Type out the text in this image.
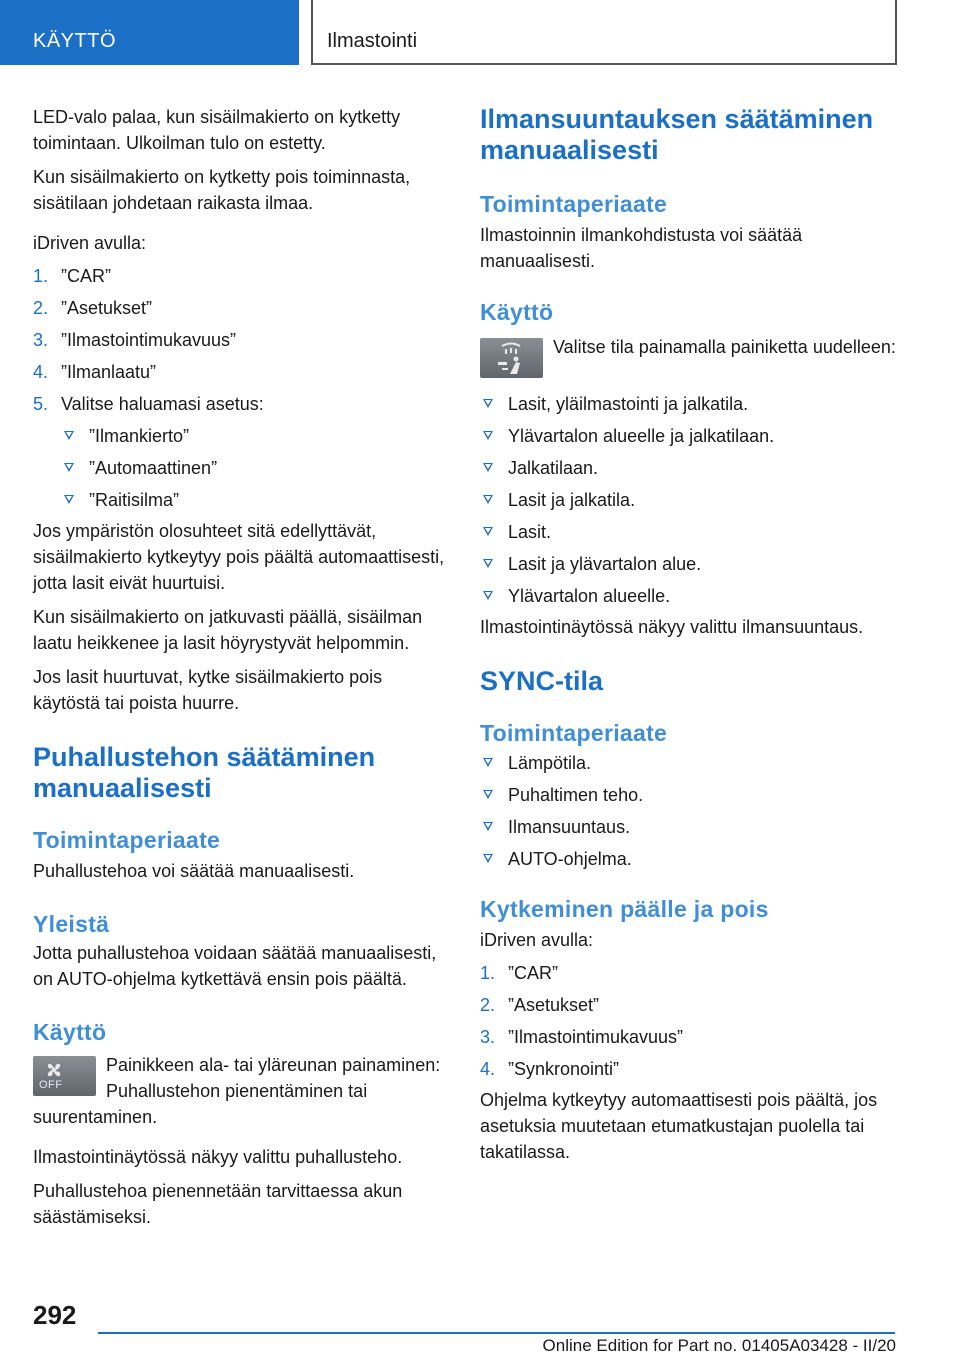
KÄYTTÖ	Ilmastointi

LED-valo palaa, kun sisäilmakierto on kytketty toimintaan. Ulkoilman tulo on estetty.

Kun sisäilmakierto on kytketty pois toiminnasta, sisätilaan johdetaan raikasta ilmaa.

iDriven avulla:

1. ”CAR”
2. ”Asetukset”
3. ”Ilmastointimukavuus”
4. ”Ilmanlaatu”
5. Valitse haluamasi asetus:
”Ilmankierto”
”Automaattinen”
”Raitisilma”

Jos ympäristön olosuhteet sitä edellyttävät, sisäilmakierto kytkeytyy pois päältä automaattisesti, jotta lasit eivät huurtuisi.

Kun sisäilmakierto on jatkuvasti päällä, sisäilman laatu heikkenee ja lasit höyrystyvät helpommin.

Jos lasit huurtuvat, kytke sisäilmakierto pois käytöstä tai poista huurre.

Puhallustehon säätäminen manuaalisesti
Toimintaperiaate

Puhallustehoa voi säätää manuaalisesti.

Yleistä

Jotta puhallustehoa voidaan säätää manuaalisesti, on AUTO-ohjelma kytkettävä ensin pois päältä.

Käyttö
OFF

Painikkeen ala- tai yläreunan painaminen: Puhallustehon pienentäminen tai suurentaminen.

Ilmastointinäytössä näkyy valittu puhallusteho.

Puhallustehoa pienennetään tarvittaessa akun säästämiseksi.

Ilmansuuntauksen säätäminen manuaalisesti
Toimintaperiaate

Ilmastoinnin ilmankohdistusta voi säätää manuaalisesti.

Käyttö

Valitse tila painamalla painiketta uudelleen:

Lasit, yläilmastointi ja jalkatila.
Ylävartalon alueelle ja jalkatilaan.
Jalkatilaan.
Lasit ja jalkatila.
Lasit.
Lasit ja ylävartalon alue.
Ylävartalon alueelle.

Ilmastointinäytössä näkyy valittu ilmansuuntaus.

SYNC-tila
Toimintaperiaate
Lämpötila.
Puhaltimen teho.
Ilmansuuntaus.
AUTO-ohjelma.
Kytkeminen päälle ja pois

iDriven avulla:

1. ”CAR”
2. ”Asetukset”
3. ”Ilmastointimukavuus”
4. ”Synkronointi”

Ohjelma kytkeytyy automaattisesti pois päältä, jos asetuksia muutetaan etumatkustajan puolella tai takatilassa.

292
Online Edition for Part no. 01405A03428 - II/20
